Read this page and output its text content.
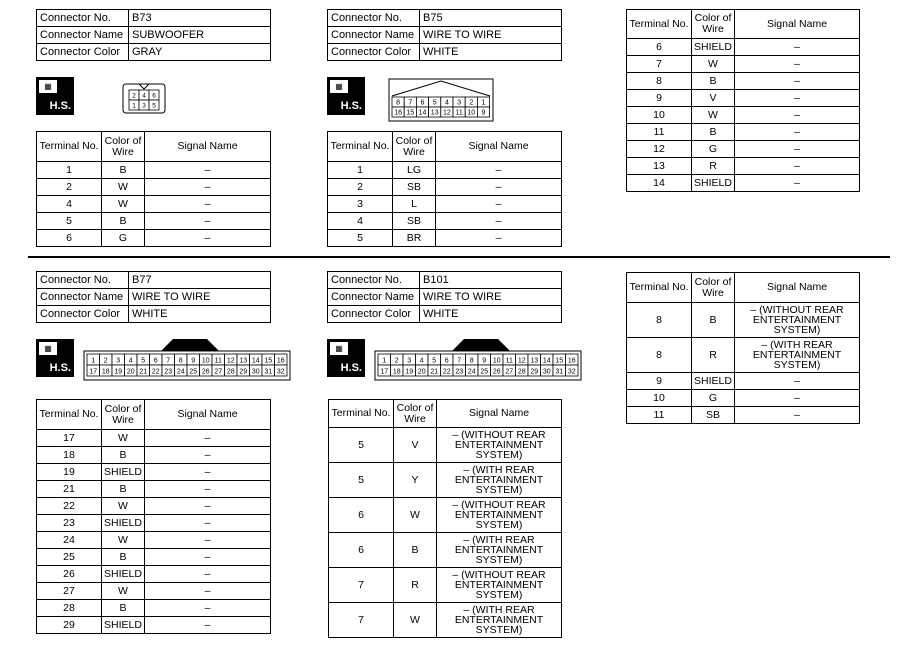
Connector No.	B73
Connector Name	SUBWOOFER
Connector Color	GRAY
▦
H.S.
2 4 6
1 3 5
Terminal No.	Color of Wire	Signal Name
1	B	–
2	W	–
4	W	–
5	B	–
6	G	–
Connector No.	B75
Connector Name	WIRE TO WIRE
Connector Color	WHITE
▦
H.S.	8 7 6 5 4 3 2 1
16 15 14 13 12 11 10 9
Terminal No.	Color of Wire	Signal Name
1	LG	–
2	SB	–
3	L	–
4	SB	–
5	BR	–
Terminal No.	Color of Wire	Signal Name
6	SHIELD	–
7	W	–
8	B	–
9	V	–
10	W	–
11	B	–
12	G	–
13	R	–
14	SHIELD	–
Connector No.	B77
Connector Name	WIRE TO WIRE
Connector Color	WHITE
▦
H.S.
1 2 3 4 5 6 7 8 9 10 11 12 13 14 15 16
17 18 19 20 21 22 23 24 25 26 27 28 29 30 31 32
Terminal No.	Color of Wire	Signal Name
17	W	–
18	B	–
19	SHIELD	–
21	B	–
22	W	–
23	SHIELD	–
24	W	–
25	B	–
26	SHIELD	–
27	W	–
28	B	–
29	SHIELD	–
Connector No.	B101
Connector Name	WIRE TO WIRE
Connector Color	WHITE
▦
H.S.
1 2 3 4 5 6 7 8 9 10 11 12 13 14 15 16
17 18 19 20 21 22 23 24 25 26 27 28 29 30 31 32
Terminal No.	Color of Wire	Signal Name
5	V	– (WITHOUT REAR ENTERTAINMENT SYSTEM)
5	Y	– (WITH REAR ENTERTAINMENT SYSTEM)
6	W	– (WITHOUT REAR ENTERTAINMENT SYSTEM)
6	B	– (WITH REAR ENTERTAINMENT SYSTEM)
7	R	– (WITHOUT REAR ENTERTAINMENT SYSTEM)
7	W	– (WITH REAR ENTERTAINMENT SYSTEM)
Terminal No.	Color of Wire	Signal Name
8	B	– (WITHOUT REAR ENTERTAINMENT SYSTEM)
8	R	– (WITH REAR ENTERTAINMENT SYSTEM)
9	SHIELD	–
10	G	–
11	SB	–
